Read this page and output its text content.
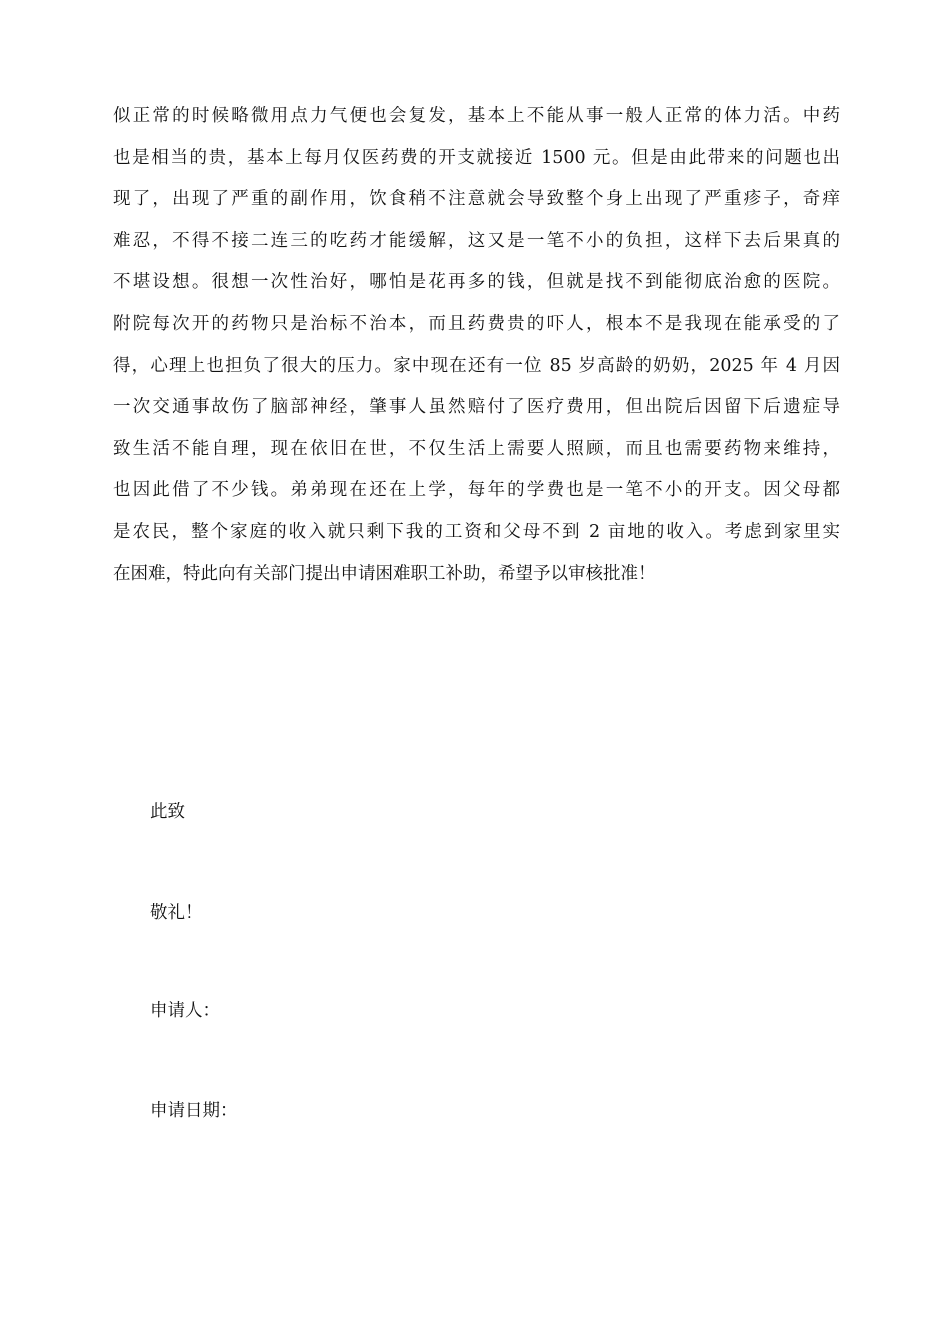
似正常的时候略微用点力气便也会复发，基本上不能从事一般人正常的体力活。中药
也是相当的贵，基本上每月仅医药费的开支就接近 1500 元。但是由此带来的问题也出
现了，出现了严重的副作用，饮食稍不注意就会导致整个身上出现了严重疹子，奇痒
难忍，不得不接二连三的吃药才能缓解，这又是一笔不小的负担，这样下去后果真的
不堪设想。很想一次性治好，哪怕是花再多的钱，但就是找不到能彻底治愈的医院。
附院每次开的药物只是治标不治本，而且药费贵的吓人，根本不是我现在能承受的了
得，心理上也担负了很大的压力。家中现在还有一位 85 岁高龄的奶奶，2025 年 4 月因
一次交通事故伤了脑部神经，肇事人虽然赔付了医疗费用，但出院后因留下后遗症导
致生活不能自理，现在依旧在世，不仅生活上需要人照顾，而且也需要药物来维持，
也因此借了不少钱。弟弟现在还在上学，每年的学费也是一笔不小的开支。因父母都
是农民，整个家庭的收入就只剩下我的工资和父母不到 2 亩地的收入。考虑到家里实
在困难，特此向有关部门提出申请困难职工补助，希望予以审核批准！
此致
敬礼！
申请人：
申请日期：
